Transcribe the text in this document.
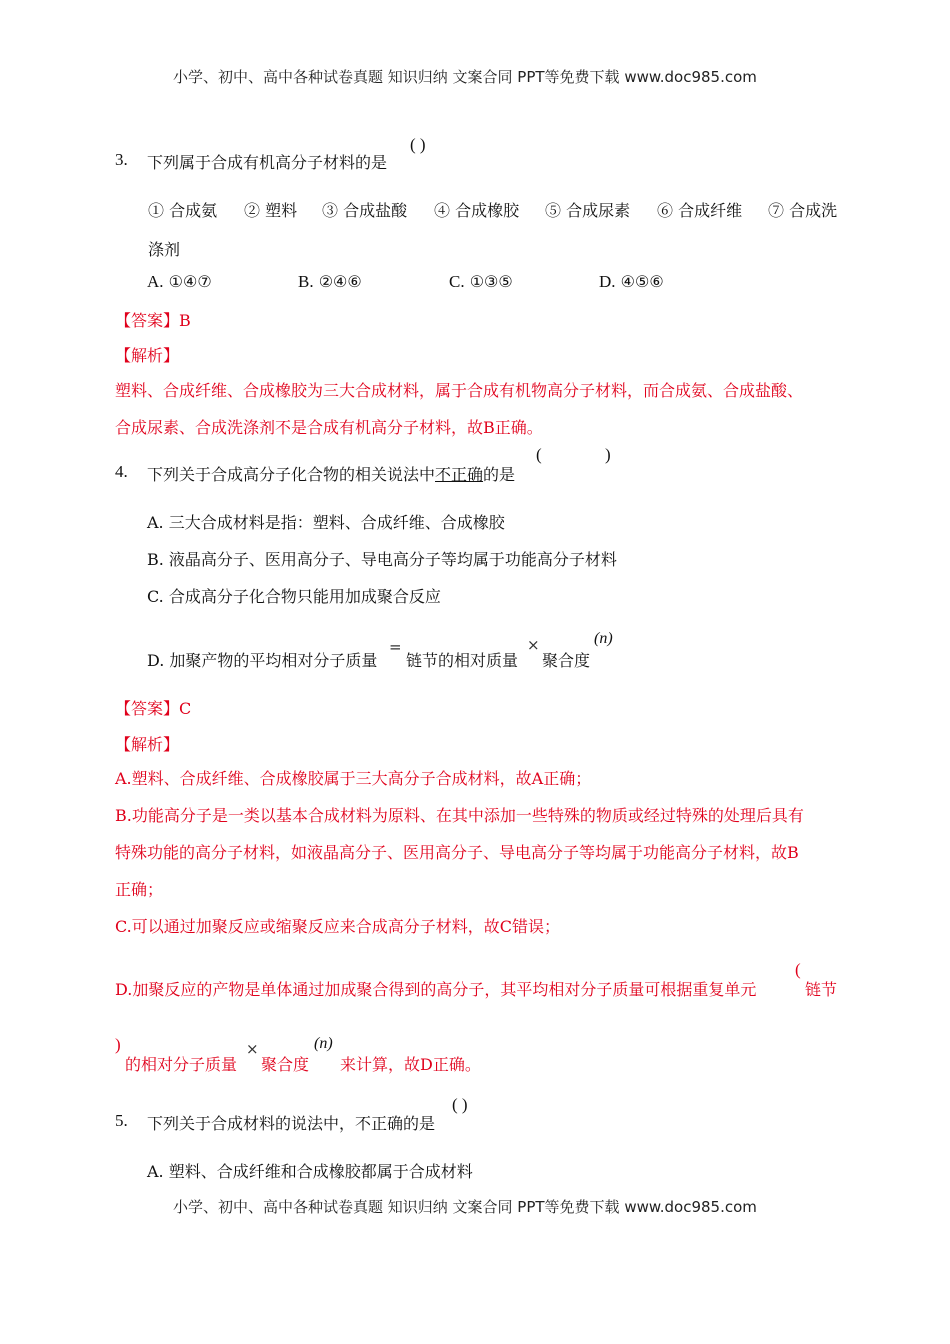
小学、初中、高中各种试卷真题 知识归纳 文案合同 PPT等免费下载 www.doc985.com
3. 下列属于合成有机高分子材料的是
( )
① 合成氨 ② 塑料 ③ 合成盐酸 ④ 合成橡胶 ⑤ 合成尿素 ⑥ 合成纤维 ⑦ 合成洗
涤剂
A. ①④⑦	B. ②④⑥	C. ①③⑤	D. ④⑤⑥
【答案】B
【解析】
塑料、合成纤维、合成橡胶为三大合成材料，属于合成有机物高分子材料，而合成氨、合成盐酸、
合成尿素、合成洗涤剂不是合成有机高分子材料，故B正确。
4. 下列关于合成高分子化合物的相关说法中不正确的是
(	)
A. 三大合成材料是指：塑料、合成纤维、合成橡胶
B. 液晶高分子、医用高分子、导电高分子等均属于功能高分子材料
C. 合成高分子化合物只能用加成聚合反应
D. 加聚产物的平均相对分子质量
=
链节的相对质量
×
聚合度
(n)
【答案】C
【解析】
A.塑料、合成纤维、合成橡胶属于三大高分子合成材料，故A正确；
B.功能高分子是一类以基本合成材料为原料、在其中添加一些特殊的物质或经过特殊的处理后具有
特殊功能的高分子材料，如液晶高分子、医用高分子、导电高分子等均属于功能高分子材料，故B
正确；
C.可以通过加聚反应或缩聚反应来合成高分子材料，故C错误；
D.加聚反应的产物是单体通过加成聚合得到的高分子，其平均相对分子质量可根据重复单元
(
链节
)
的相对分子质量
×
聚合度
(n)
来计算，故D正确。
5. 下列关于合成材料的说法中，不正确的是
( )
A. 塑料、合成纤维和合成橡胶都属于合成材料
小学、初中、高中各种试卷真题 知识归纳 文案合同 PPT等免费下载 www.doc985.com
